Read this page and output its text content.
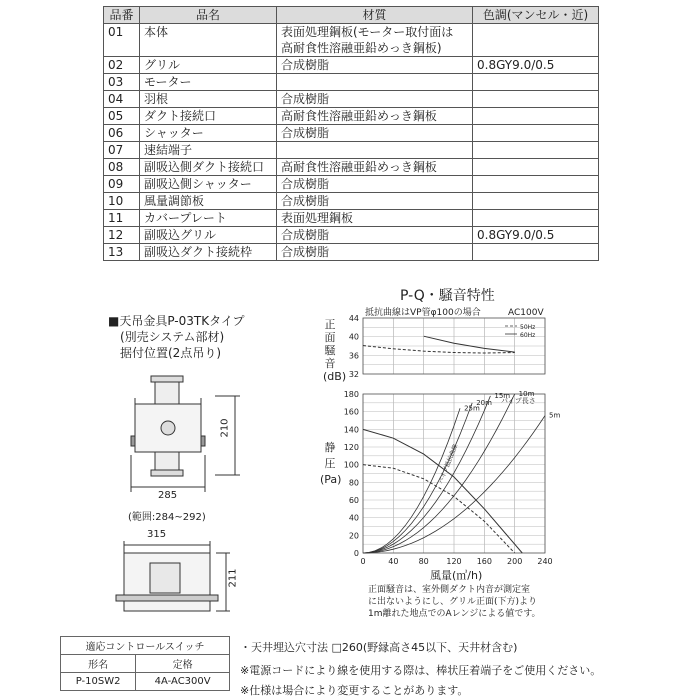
品番	品名	材質	色調(マンセル・近)
01	本体	表面処理鋼板(モーター取付面は
高耐食性溶融亜鉛めっき鋼板)	
02	グリル	合成樹脂	0.8GY9.0/0.5
03	モーター		
04	羽根	合成樹脂	
05	ダクト接続口	高耐食性溶融亜鉛めっき鋼板	
06	シャッター	合成樹脂	
07	速結端子		
08	副吸込側ダクト接続口	高耐食性溶融亜鉛めっき鋼板	
09	副吸込側シャッター	合成樹脂	
10	風量調節板	合成樹脂	
11	カバープレート	表面処理鋼板	
12	副吸込グリル	合成樹脂	0.8GY9.0/0.5
13	副吸込ダクト接続枠	合成樹脂	
■天吊金具P-03TKタイプ
(別売システム部材)
据付位置(2点吊り)
210
285
(範囲:284~292)
315
211
P-Q・騒音特性
抵抗曲線はVP管φ100の場合	AC100V
正
面
騒
音
(dB)
静
圧
(Pa)
0	40	80 120 160 200 240
32
36
40
44
0
20
40
60
80
100
120
140
160
180
50Hz
60Hz
25m
20m
15m 10m
5m
パイプ長さ
パイプ抵抗曲線
風量(㎥/h)
正面騒音は、室外側ダクト内音が測定室
に出ないようにし、グリル正面(下方)より
1m離れた地点でのAレンジによる値です。
適応コントロールスイッチ	
形名	定格
P-10SW2	4A-AC300V
・天井埋込穴寸法 □260(野縁高さ45以下、天井材含む)
※電源コードにより線を使用する際は、棒状圧着端子をご使用ください。
※仕様は場合により変更することがあります。
